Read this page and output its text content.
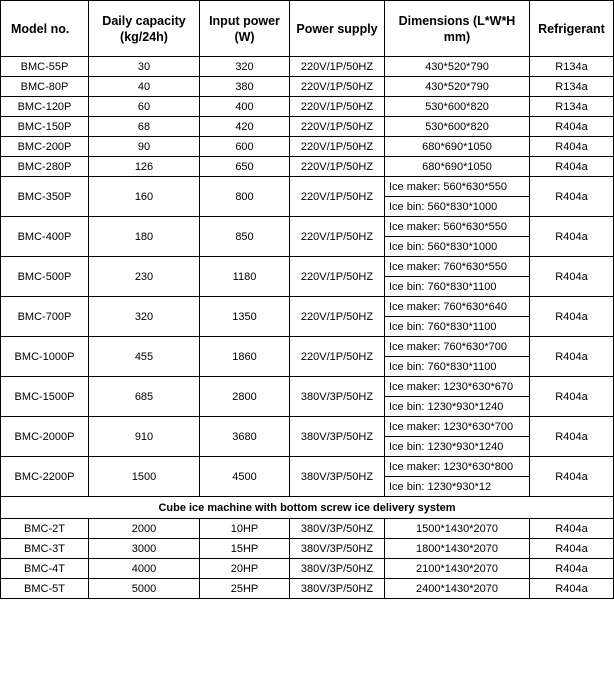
Model no.	Daily capacity (kg/24h)	Input power (W)	Power supply	Dimensions (L*W*H mm)	Refrigerant
BMC-55P	30	320	220V/1P/50HZ	430*520*790	R134a
BMC-80P	40	380	220V/1P/50HZ	430*520*790	R134a
BMC-120P	60	400	220V/1P/50HZ	530*600*820	R134a
BMC-150P	68	420	220V/1P/50HZ	530*600*820	R404a
BMC-200P	90	600	220V/1P/50HZ	680*690*1050	R404a
BMC-280P	126	650	220V/1P/50HZ	680*690*1050	R404a
BMC-350P	160	800	220V/1P/50HZ	Ice maker: 560*630*550	R404a
				Ice bin: 560*830*1000	
BMC-400P	180	850	220V/1P/50HZ	Ice maker: 560*630*550	R404a
				Ice bin: 560*830*1000	
BMC-500P	230	1180	220V/1P/50HZ	Ice maker: 760*630*550	R404a
				Ice bin: 760*830*1100	
BMC-700P	320	1350	220V/1P/50HZ	Ice maker: 760*630*640	R404a
				Ice bin: 760*830*1100	
BMC-1000P	455	1860	220V/1P/50HZ	Ice maker: 760*630*700	R404a
				Ice bin: 760*830*1100	
BMC-1500P	685	2800	380V/3P/50HZ	Ice maker: 1230*630*670	R404a
				Ice bin: 1230*930*1240	
BMC-2000P	910	3680	380V/3P/50HZ	Ice maker: 1230*630*700	R404a
				Ice bin: 1230*930*1240	
BMC-2200P	1500	4500	380V/3P/50HZ	Ice maker: 1230*630*800	R404a
				Ice bin: 1230*930*12	
Cube ice machine with bottom screw ice delivery system					
BMC-2T	2000	10HP	380V/3P/50HZ	1500*1430*2070	R404a
BMC-3T	3000	15HP	380V/3P/50HZ	1800*1430*2070	R404a
BMC-4T	4000	20HP	380V/3P/50HZ	2100*1430*2070	R404a
BMC-5T	5000	25HP	380V/3P/50HZ	2400*1430*2070	R404a
